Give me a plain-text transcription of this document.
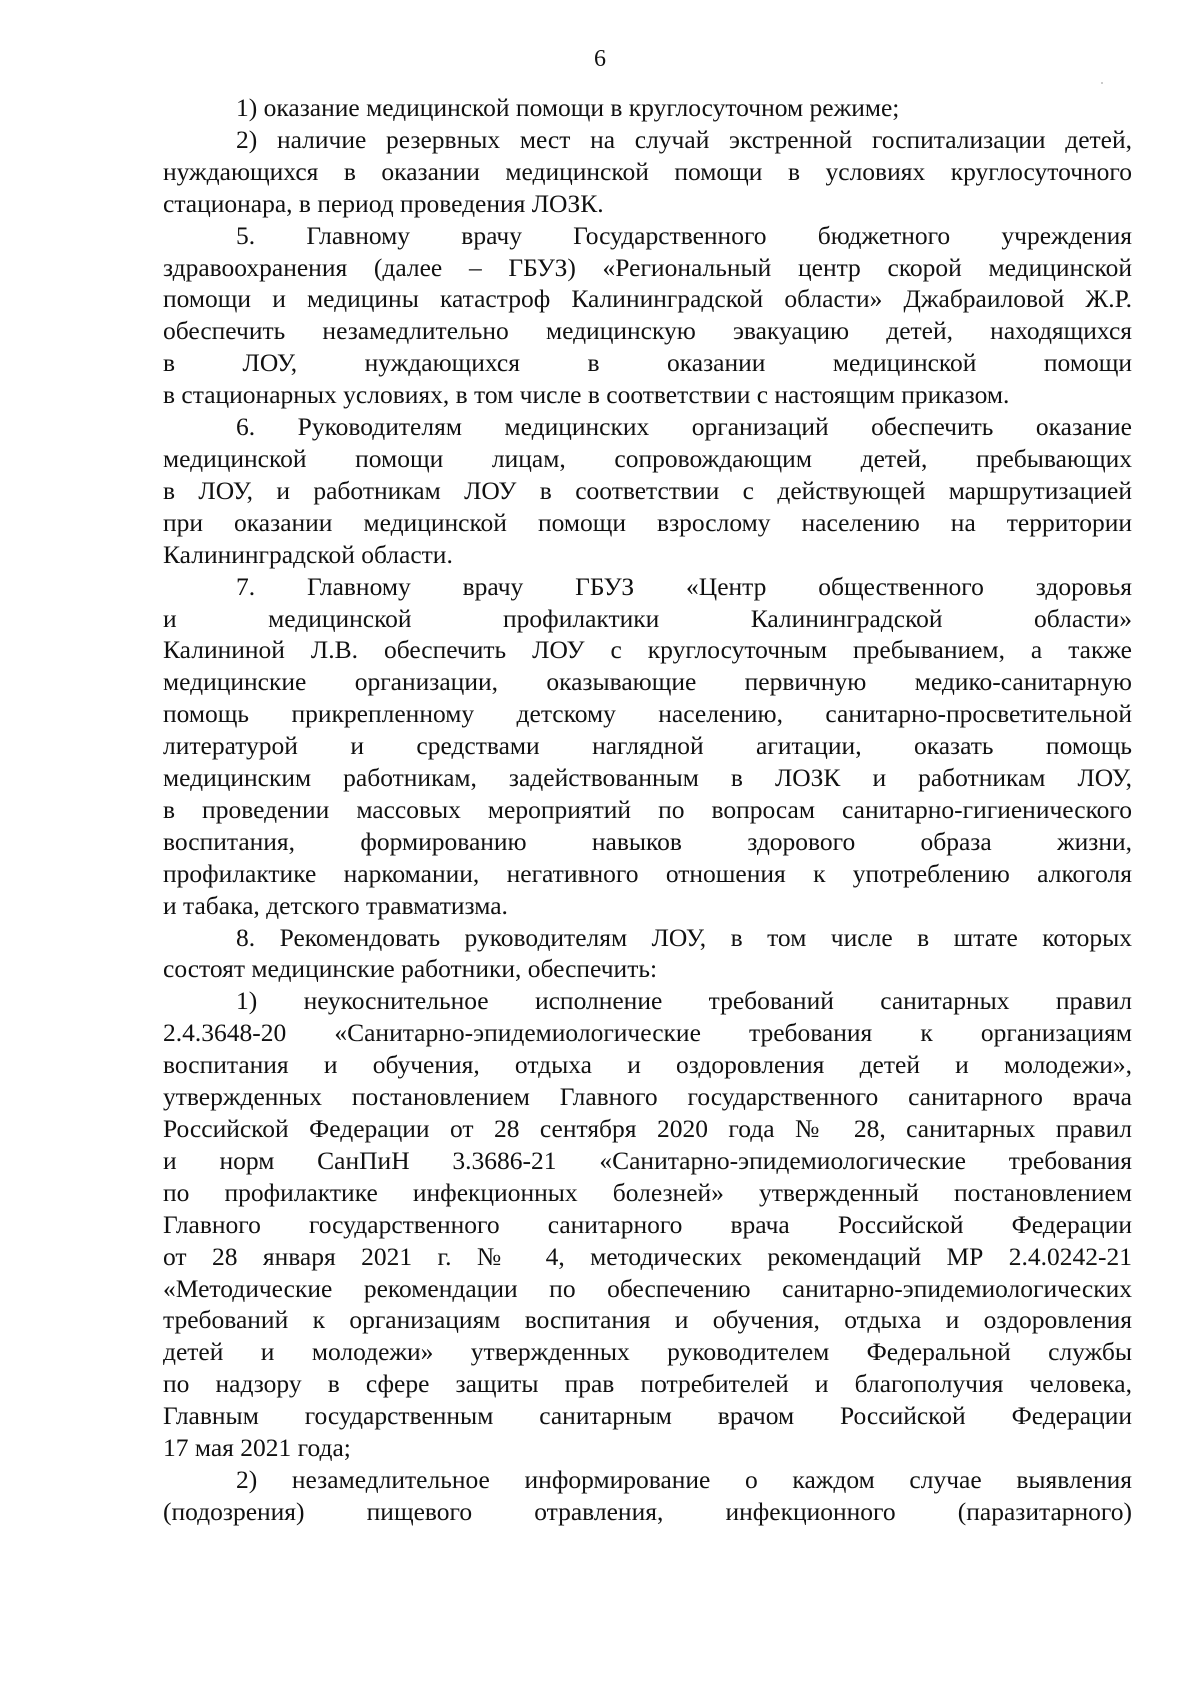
6
1) оказание медицинской помощи в круглосуточном режиме;
2) наличие резервных мест на случай экстренной госпитализации детей,
нуждающихся в оказании медицинской помощи в условиях круглосуточного
стационара, в период проведения ЛОЗК.
5. Главному врачу Государственного бюджетного учреждения
здравоохранения (далее – ГБУЗ) «Региональный центр скорой медицинской
помощи и медицины катастроф Калининградской области» Джабраиловой Ж.Р.
обеспечить незамедлительно медицинскую эвакуацию детей, находящихся
в ЛОУ, нуждающихся в оказании медицинской помощи
в стационарных условиях, в том числе в соответствии с настоящим приказом.
6. Руководителям медицинских организаций обеспечить оказание
медицинской помощи лицам, сопровождающим детей, пребывающих
в ЛОУ, и работникам ЛОУ в соответствии с действующей маршрутизацией
при оказании медицинской помощи взрослому населению на территории
Калининградской области.
7. Главному врачу ГБУЗ «Центр общественного здоровья
и медицинской профилактики Калининградской области»
Калининой Л.В. обеспечить ЛОУ с круглосуточным пребыванием, а также
медицинские организации, оказывающие первичную медико-санитарную
помощь прикрепленному детскому населению, санитарно-просветительной
литературой и средствами наглядной агитации, оказать помощь
медицинским работникам, задействованным в ЛОЗК и работникам ЛОУ,
в проведении массовых мероприятий по вопросам санитарно-гигиенического
воспитания, формированию навыков здорового образа жизни,
профилактике наркомании, негативного отношения к употреблению алкоголя
и табака, детского травматизма.
8. Рекомендовать руководителям ЛОУ, в том числе в штате которых
состоят медицинские работники, обеспечить:
1) неукоснительное исполнение требований санитарных правил
2.4.3648-20 «Санитарно-эпидемиологические требования к организациям
воспитания и обучения, отдыха и оздоровления детей и молодежи»,
утвержденных постановлением Главного государственного санитарного врача
Российской Федерации от 28 сентября 2020 года № 28, санитарных правил
и норм СанПиН 3.3686-21 «Санитарно-эпидемиологические требования
по профилактике инфекционных болезней» утвержденный постановлением
Главного государственного санитарного врача Российской Федерации
от 28 января 2021 г. № 4, методических рекомендаций МР 2.4.0242-21
«Методические рекомендации по обеспечению санитарно-эпидемиологических
требований к организациям воспитания и обучения, отдыха и оздоровления
детей и молодежи» утвержденных руководителем Федеральной службы
по надзору в сфере защиты прав потребителей и благополучия человека,
Главным государственным санитарным врачом Российской Федерации
17 мая 2021 года;
2) незамедлительное информирование о каждом случае выявления
(подозрения) пищевого отравления, инфекционного (паразитарного)
